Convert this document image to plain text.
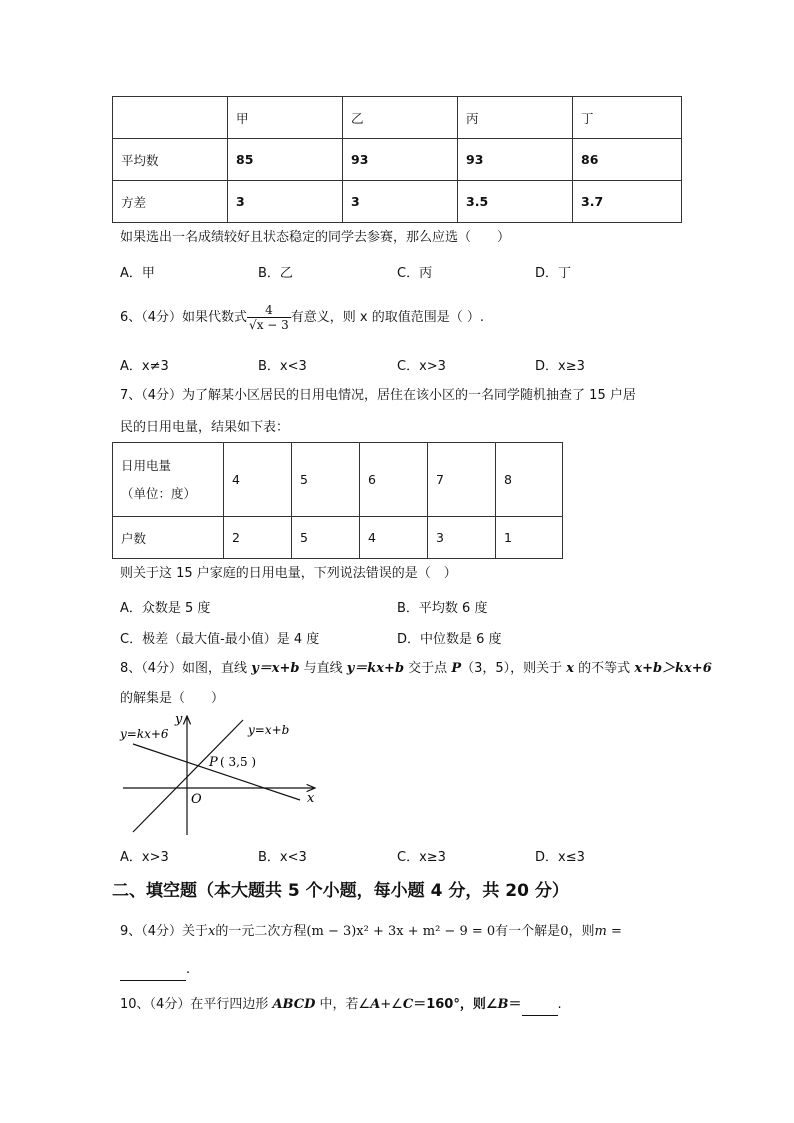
	甲	乙	丙	丁
平均数	85	93	93	86
方差	3	3	3.5	3.7
如果选出一名成绩较好且状态稳定的同学去参赛，那么应选（　　）
A．甲	B．乙	C．丙	D．丁
6、（4分）如果代数式 $\frac{4}{√x - 3}$ 有意义，则 x 的取值范围是（ ）.
A．x≠3	B．x<3	C．x>3	D．x≥3
7、（4分）为了解某小区居民的日用电情况，居住在该小区的一名同学随机抽查了 15 户居
民的日用电量，结果如下表：
日用电量
（单位：度）	4	5	6	7	8
户数	2	5	4	3	1
则关于这 15 户家庭的日用电量，下列说法错误的是（　）
A．众数是 5 度	B．平均数 6 度
C．极差（最大值-最小值）是 4 度	D．中位数是 6 度
8、（4分）如图，直线 y＝x+b 与直线 y＝kx+b 交于点 P（3，5），则关于 x 的不等式 x+b＞kx+6
的解集是（　　）
y
x
O
y=x+b
y=kx+6
P ( 3,5 )
A．x>3	B．x<3	C．x≥3	D．x≤3
二、填空题（本大题共 5 个小题，每小题 4 分，共 20 分）
9、（4分）关于x的一元二次方程(m − 3)x² + 3x + m² − 9 = 0有一个解是0，则m =
.
10、（4分）在平行四边形 ABCD 中，若∠A+∠C＝160°，则∠B＝	.
